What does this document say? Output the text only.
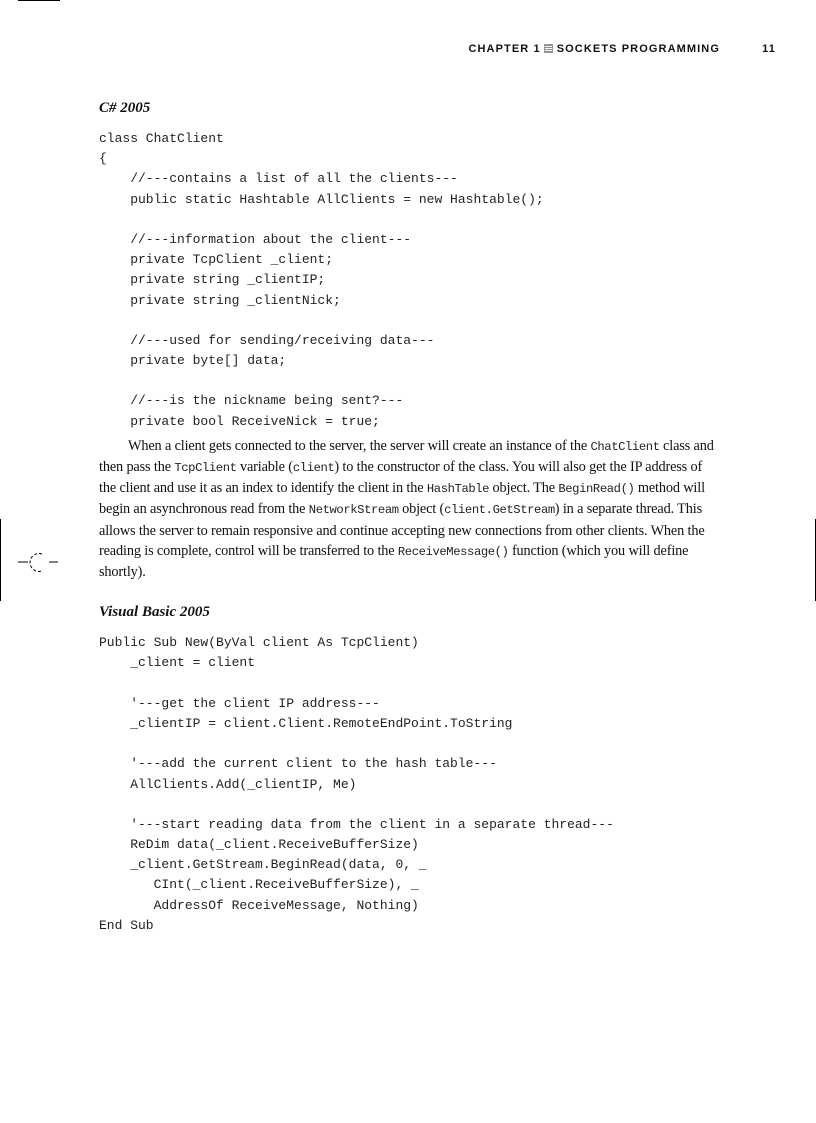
CHAPTER 1 SOCKETS PROGRAMMING	11
C# 2005
class ChatClient
{
//---contains a list of all the clients---
public static Hashtable AllClients = new Hashtable();
//---information about the client---
private TcpClient _client;
private string _clientIP;
private string _clientNick;
//---used for sending/receiving data---
private byte[] data;
//---is the nickname being sent?---
private bool ReceiveNick = true;

When a client gets connected to the server, the server will create an instance of the ChatClient class and then pass the TcpClient variable (client) to the constructor of the class. You will also get the IP address of the client and use it as an index to identify the client in the HashTable object. The BeginRead() method will begin an asynchronous read from the NetworkStream object (client.GetStream) in a separate thread. This allows the server to remain responsive and continue accepting new connections from other clients. When the reading is complete, control will be transferred to the ReceiveMessage() function (which you will define shortly).

Visual Basic 2005
Public Sub New(ByVal client As TcpClient)
_client = client
'---get the client IP address---
_clientIP = client.Client.RemoteEndPoint.ToString
'---add the current client to the hash table---
AllClients.Add(_clientIP, Me)
'---start reading data from the client in a separate thread---
ReDim data(_client.ReceiveBufferSize)
_client.GetStream.BeginRead(data, 0, _
CInt(_client.ReceiveBufferSize), _
AddressOf ReceiveMessage, Nothing)
End Sub
